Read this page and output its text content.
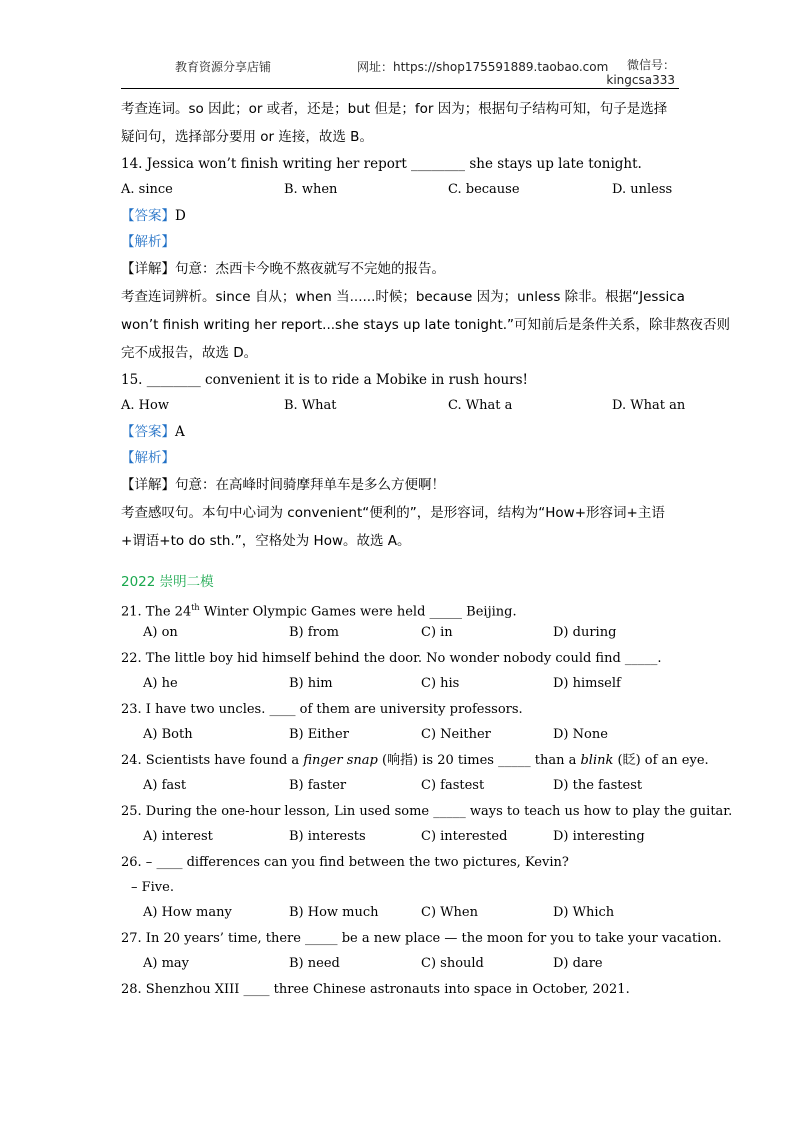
教育资源分享店铺	网址：https://shop175591889.taobao.com	微信号：
kingcsa333
考查连词。so 因此；or 或者，还是；but 但是；for 因为；根据句子结构可知，句子是选择
疑问句，选择部分要用 or 连接，故选 B。
14. Jessica won’t finish writing her report ________ she stays up late tonight.
A. since	B. when	C. because	D. unless
【答案】D
【解析】
【详解】句意：杰西卡今晚不熬夜就写不完她的报告。
考查连词辨析。since 自从；when 当......时候；because 因为；unless 除非。根据“Jessica
won’t finish writing her report...she stays up late tonight.”可知前后是条件关系，除非熬夜否则
完不成报告，故选 D。
15. ________ convenient it is to ride a Mobike in rush hours!
A. How	B. What	C. What a	D. What an
【答案】A
【解析】
【详解】句意：在高峰时间骑摩拜单车是多么方便啊！
考查感叹句。本句中心词为 convenient“便利的”，是形容词，结构为“How+形容词+主语
+谓语+to do sth.”，空格处为 How。故选 A。
2022 崇明二模
21. The 24th Winter Olympic Games were held _____ Beijing.
A) on	B) from	C) in	D) during
22. The little boy hid himself behind the door. No wonder nobody could find _____.
A) he	B) him	C) his	D) himself
23. I have two uncles. ____ of them are university professors.
A) Both	B) Either	C) Neither	D) None
24. Scientists have found a finger snap (响指) is 20 times _____ than a blink (眨) of an eye.
A) fast	B) faster	C) fastest	D) the fastest
25. During the one-hour lesson, Lin used some _____ ways to teach us how to play the guitar.
A) interest	B) interests	C) interested	D) interesting
26. – ____ differences can you find between the two pictures, Kevin?
– Five.
A) How many	B) How much	C) When	D) Which
27. In 20 years’ time, there _____ be a new place — the moon for you to take your vacation.
A) may	B) need	C) should	D) dare
28. Shenzhou XIII ____ three Chinese astronauts into space in October, 2021.
